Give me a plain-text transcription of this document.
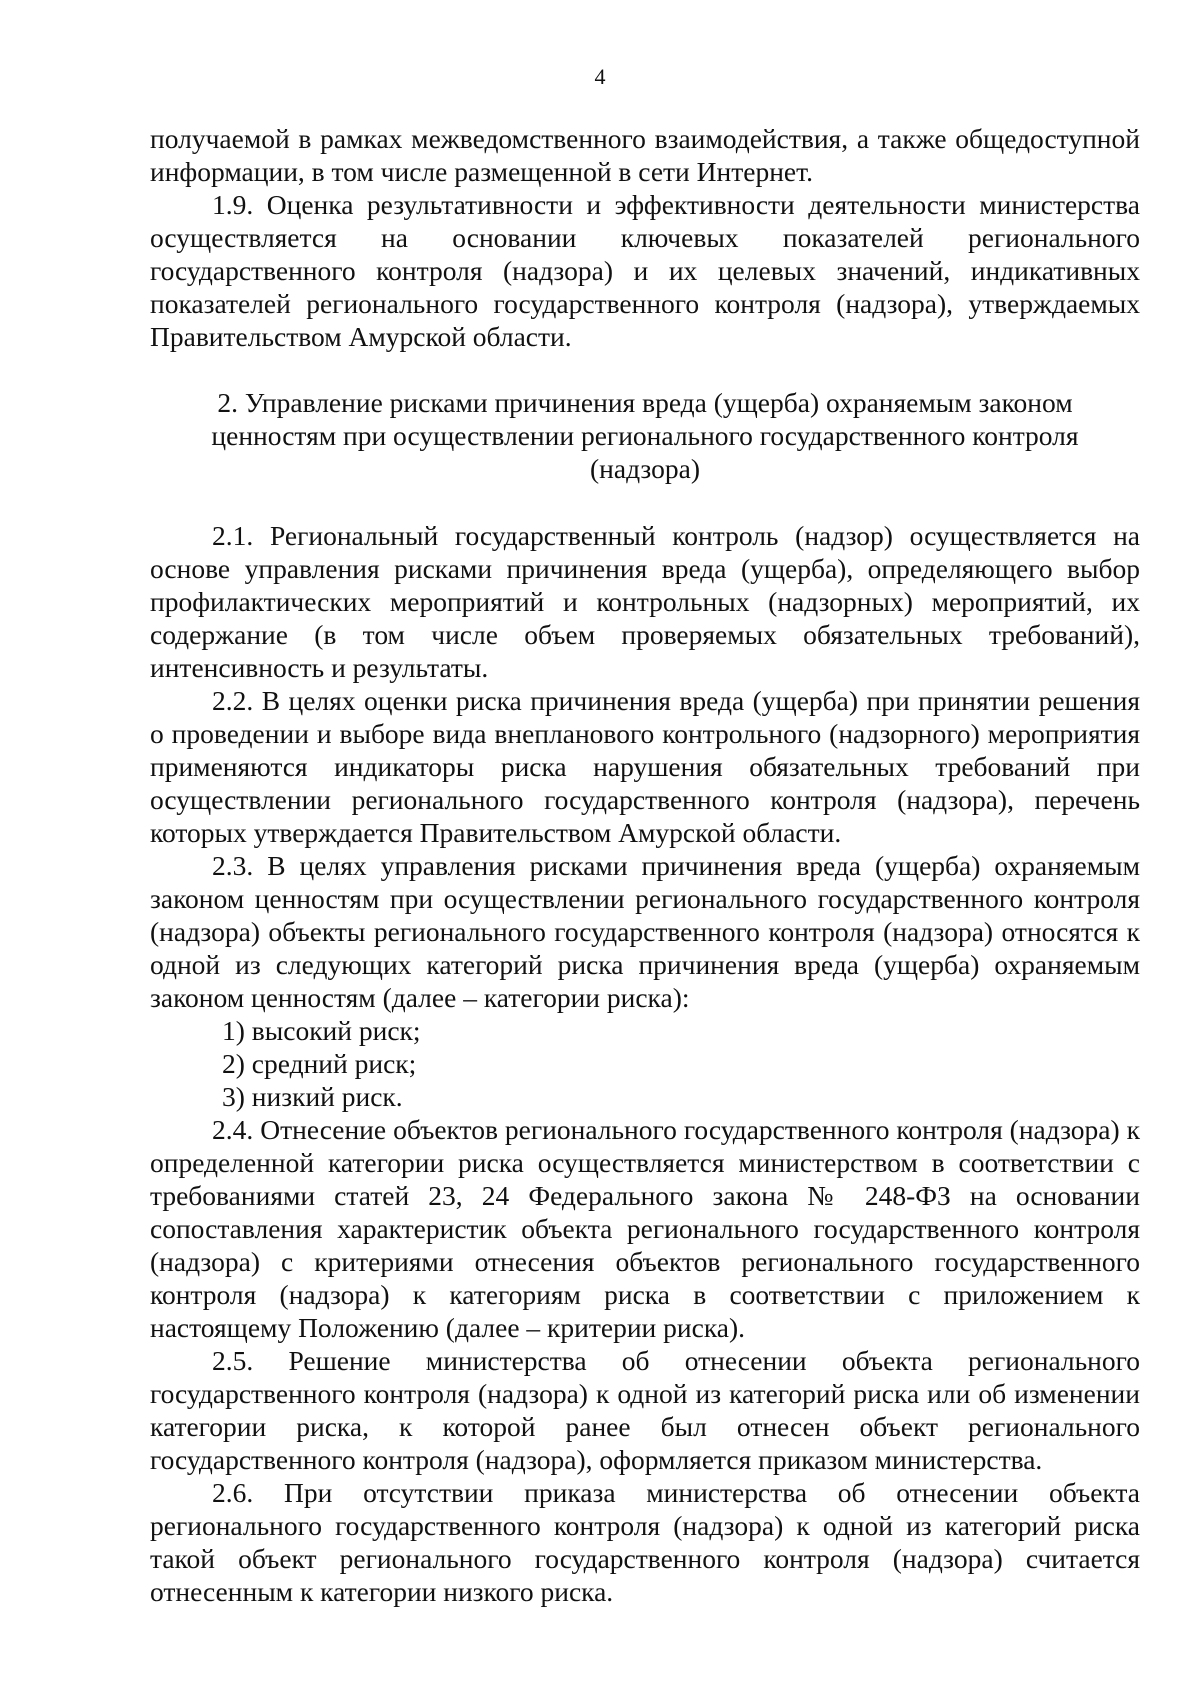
4

получаемой в рамках межведомственного взаимодействия, а также общедоступной информации, в том числе размещенной в сети Интернет.

1.9. Оценка результативности и эффективности деятельности министерства осуществляется на основании ключевых показателей регионального государственного контроля (надзора) и их целевых значений, индикативных показателей регионального государственного контроля (надзора), утверждаемых Правительством Амурской области.

2. Управление рисками причинения вреда (ущерба) охраняемым законом
ценностям при осуществлении регионального государственного контроля
(надзора)

2.1. Региональный государственный контроль (надзор) осуществляется на основе управления рисками причинения вреда (ущерба), определяющего выбор профилактических мероприятий и контрольных (надзорных) мероприятий, их содержание (в том числе объем проверяемых обязательных требований), интенсивность и результаты.

2.2. В целях оценки риска причинения вреда (ущерба) при принятии решения о проведении и выборе вида внепланового контрольного (надзорного) мероприятия применяются индикаторы риска нарушения обязательных требований при осуществлении регионального государственного контроля (надзора), перечень которых утверждается Правительством Амурской области.

2.3. В целях управления рисками причинения вреда (ущерба) охраняемым законом ценностям при осуществлении регионального государственного контроля (надзора) объекты регионального государственного контроля (надзора) относятся к одной из следующих категорий риска причинения вреда (ущерба) охраняемым законом ценностям (далее – категории риска):

1) высокий риск;

2) средний риск;

3) низкий риск.

2.4. Отнесение объектов регионального государственного контроля (надзора) к определенной категории риска осуществляется министерством в соответствии с требованиями статей 23, 24 Федерального закона № 248-ФЗ на основании сопоставления характеристик объекта регионального государственного контроля (надзора) с критериями отнесения объектов регионального государственного контроля (надзора) к категориям риска в соответствии с приложением к настоящему Положению (далее – критерии риска).

2.5. Решение министерства об отнесении объекта регионального государственного контроля (надзора) к одной из категорий риска или об изменении категории риска, к которой ранее был отнесен объект регионального государственного контроля (надзора), оформляется приказом министерства.

2.6. При отсутствии приказа министерства об отнесении объекта регионального государственного контроля (надзора) к одной из категорий риска такой объект регионального государственного контроля (надзора) считается отнесенным к категории низкого риска.
